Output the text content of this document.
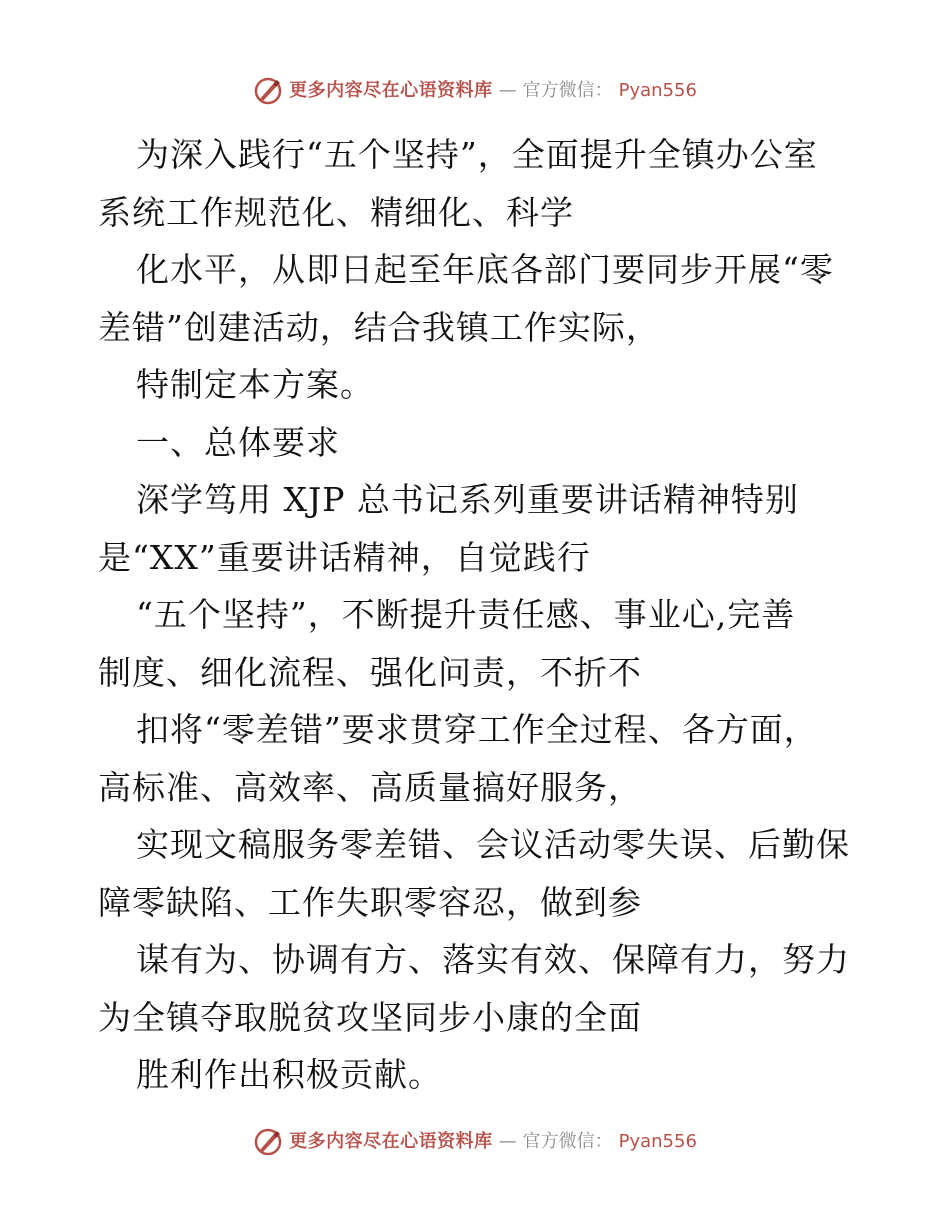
更多内容尽在心语资料库 — 官方微信： Pyan556

为深入践行“五个坚持”，全面提升全镇办公室

系统工作规范化、精细化、科学

化水平，从即日起至年底各部门要同步开展“零

差错”创建活动，结合我镇工作实际，

特制定本方案。

一、总体要求

深学笃用 XJP 总书记系列重要讲话精神特别

是“XX”重要讲话精神，自觉践行

“五个坚持”，不断提升责任感、事业心,完善

制度、细化流程、强化问责，不折不

扣将“零差错”要求贯穿工作全过程、各方面，

高标准、高效率、高质量搞好服务，

实现文稿服务零差错、会议活动零失误、后勤保

障零缺陷、工作失职零容忍，做到参

谋有为、协调有方、落实有效、保障有力，努力

为全镇夺取脱贫攻坚同步小康的全面

胜利作出积极贡献。

更多内容尽在心语资料库 — 官方微信： Pyan556
